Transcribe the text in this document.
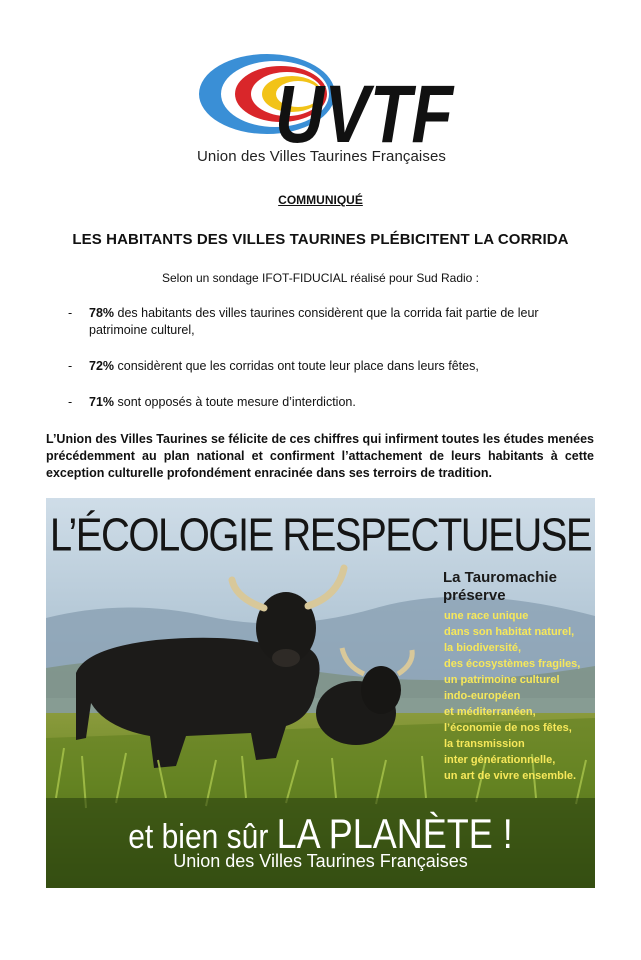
UVTF
Union des Villes Taurines Françaises
COMMUNIQUÉ
LES HABITANTS DES VILLES TAURINES PLÉBICITENT LA CORRIDA
Selon un sondage IFOT-FIDUCIAL réalisé pour Sud Radio :
- 78% des habitants des villes taurines considèrent que la corrida fait partie de leur patrimoine culturel,
- 72% considèrent que les corridas ont toute leur place dans leurs fêtes,
- 71% sont opposés à toute mesure d’interdiction.
L’Union des Villes Taurines se félicite de ces chiffres qui infirment toutes les études menées précédemment au plan national et confirment l’attachement de leurs habitants à cette exception culturelle profondément enracinée dans ses terroirs de tradition.
L’ÉCOLOGIE RESPECTUEUSE
La Tauromachie
préserve
une race unique
dans son habitat naturel,
la biodiversité,
des écosystèmes fragiles,
un patrimoine culturel
indo-européen
et méditerranéen,
l’économie de nos fêtes,
la transmission
inter générationnelle,
un art de vivre ensemble.
et bien sûr LA PLANÈTE !
Union des Villes Taurines Françaises
